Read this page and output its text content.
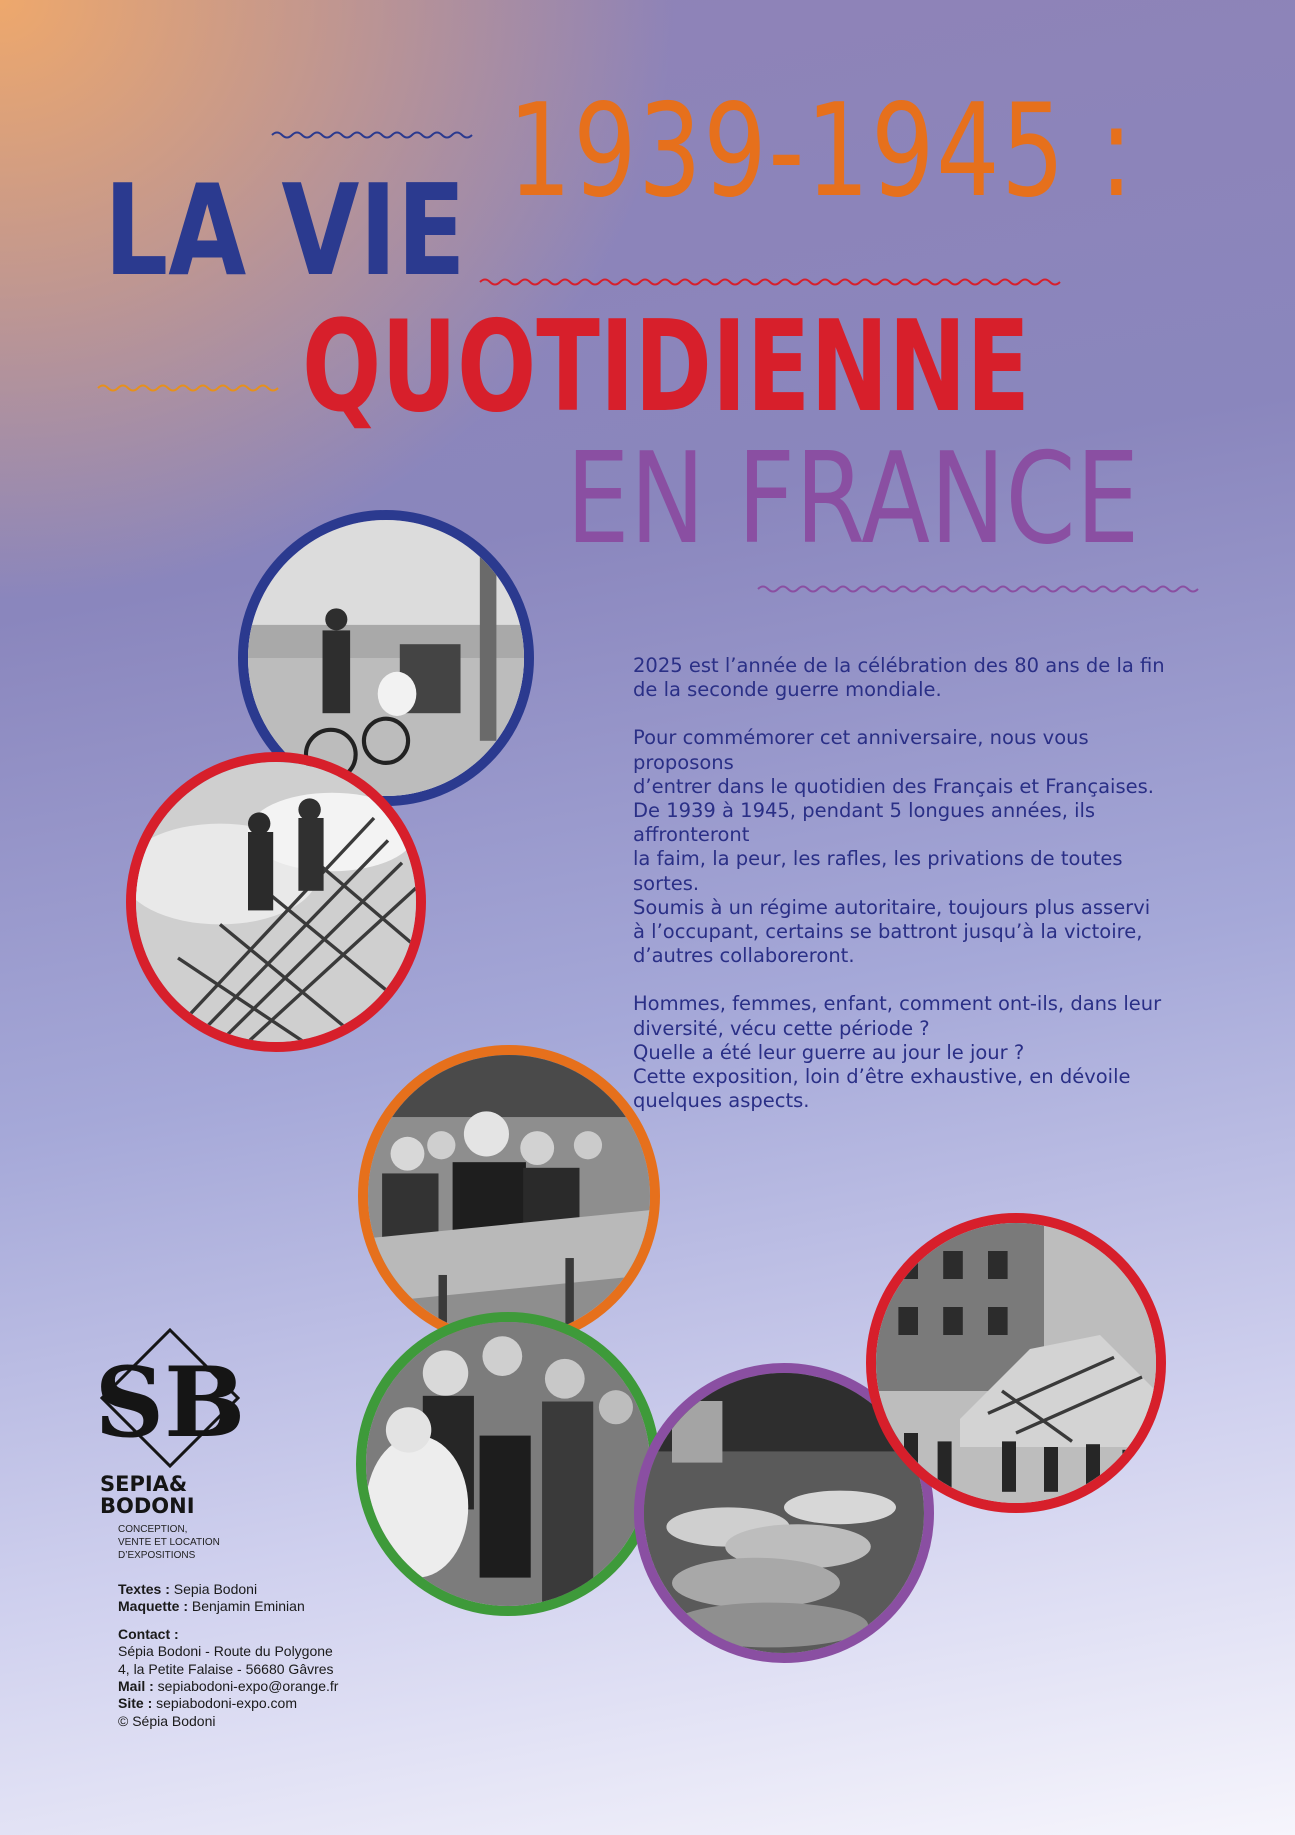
1939-1945 :
LA VIE
QUOTIDIENNE
EN FRANCE

2025 est l’année de la célébration des 80 ans de la fin
de la seconde guerre mondiale.

Pour commémorer cet anniversaire, nous vous proposons
d’entrer dans le quotidien des Français et Françaises.
De 1939 à 1945, pendant 5 longues années, ils affronteront
la faim, la peur, les rafles, les privations de toutes sortes.
Soumis à un régime autoritaire, toujours plus asservi
à l’occupant, certains se battront jusqu’à la victoire,
d’autres collaboreront.

Hommes, femmes, enfant, comment ont-ils, dans leur
diversité, vécu cette période ?
Quelle a été leur guerre au jour le jour ?
Cette exposition, loin d’être exhaustive, en dévoile
quelques aspects.

SB

SEPIA&
BODONI

CONCEPTION,
VENTE ET LOCATION
D’EXPOSITIONS

Textes : Sepia Bodoni

Maquette : Benjamin Eminian

Contact :

Sépia Bodoni - Route du Polygone

4, la Petite Falaise - 56680 Gâvres

Mail : sepiabodoni-expo@orange.fr

Site : sepiabodoni-expo.com

© Sépia Bodoni
